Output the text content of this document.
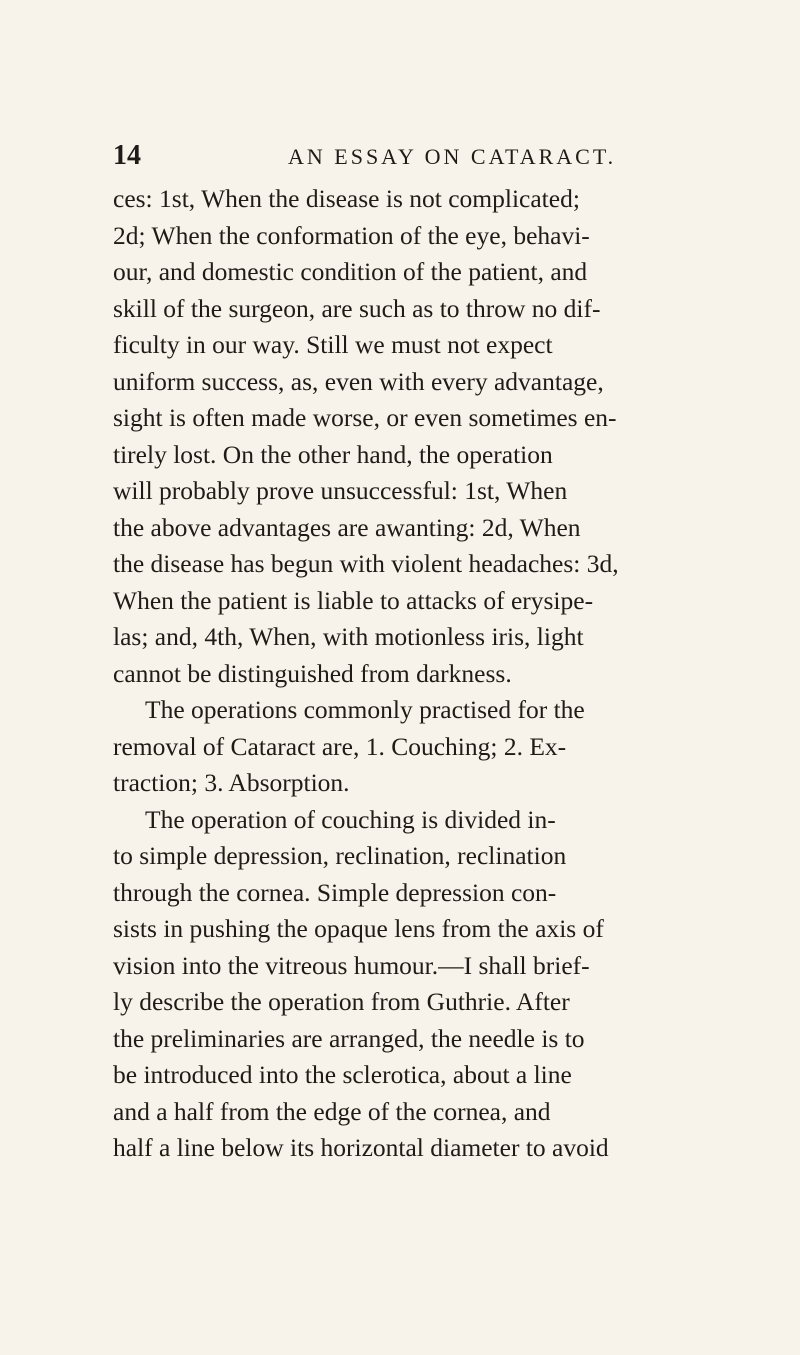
14	AN ESSAY ON CATARACT.
ces: 1st, When the disease is not complicated;
2d; When the conformation of the eye, behavi-
our, and domestic condition of the patient, and
skill of the surgeon, are such as to throw no dif-
ficulty in our way. Still we must not expect
uniform success, as, even with every advantage,
sight is often made worse, or even sometimes en-
tirely lost. On the other hand, the operation
will probably prove unsuccessful: 1st, When
the above advantages are awanting: 2d, When
the disease has begun with violent headaches: 3d,
When the patient is liable to attacks of erysipe-
las; and, 4th, When, with motionless iris, light
cannot be distinguished from darkness.
The operations commonly practised for the
removal of Cataract are, 1. Couching; 2. Ex-
traction; 3. Absorption.
The operation of couching is divided in-
to simple depression, reclination, reclination
through the cornea. Simple depression con-
sists in pushing the opaque lens from the axis of
vision into the vitreous humour.—I shall brief-
ly describe the operation from Guthrie. After
the preliminaries are arranged, the needle is to
be introduced into the sclerotica, about a line
and a half from the edge of the cornea, and
half a line below its horizontal diameter to avoid
